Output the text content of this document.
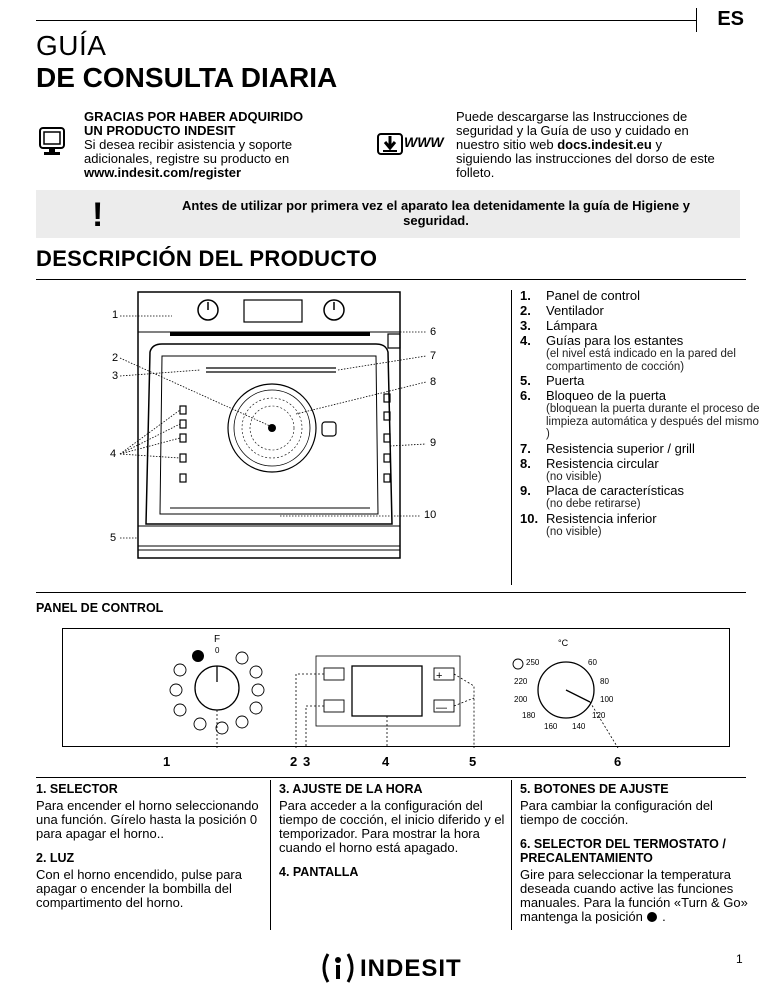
ES
GUÍA
DE CONSULTA DIARIA
GRACIAS POR HABER ADQUIRIDO UN PRODUCTO INDESIT
Si desea recibir asistencia y soporte adicionales, registre su producto en www.indesit.com/register
WWW
Puede descargarse las Instrucciones de seguridad y la Guía de uso y cuidado en nuestro sitio web docs.indesit.eu y siguiendo las instrucciones del dorso de este folleto.
!	Antes de utilizar por primera vez el aparato lea detenidamente la guía de Higiene y seguridad.
DESCRIPCIÓN DEL PRODUCTO
1
2
3
4
5
6
7
8
9
10
1.	Panel de control
2.	Ventilador
3.	Lámpara
4.	Guías para los estantes
(el nivel está indicado en la pared del compartimento de cocción)
5.	Puerta
6.	Bloqueo de la puerta
(bloquean la puerta durante el proceso de limpieza automática y después del mismo )
7.	Resistencia superior / grill
8.	Resistencia circular
(no visible)
9.	Placa de características
(no debe retirarse)
10. Resistencia inferior
(no visible)
PANEL DE CONTROL
F
0
+
—
°C
250	60
220	80
200	100
180	120
160 140
1	2 3	4	5	6
1. SELECTOR

Para encender el horno seleccionando una función. Gírelo hasta la posición 0 para apagar el horno..

2. LUZ

Con el horno encendido, pulse para apagar o encender la bombilla del compartimento del horno.

3. AJUSTE DE LA HORA

Para acceder a la configuración del tiempo de cocción, el inicio diferido y el temporizador. Para mostrar la hora cuando el horno está apagado.

4. PANTALLA
5. BOTONES DE AJUSTE

Para cambiar la configuración del tiempo de cocción.

6. SELECTOR DEL TERMOSTATO / PRECALENTAMIENTO

Gire para seleccionar la temperatura deseada cuando active las funciones manuales. Para la función «Turn & Go» mantenga la posición .

INDESIT	1
